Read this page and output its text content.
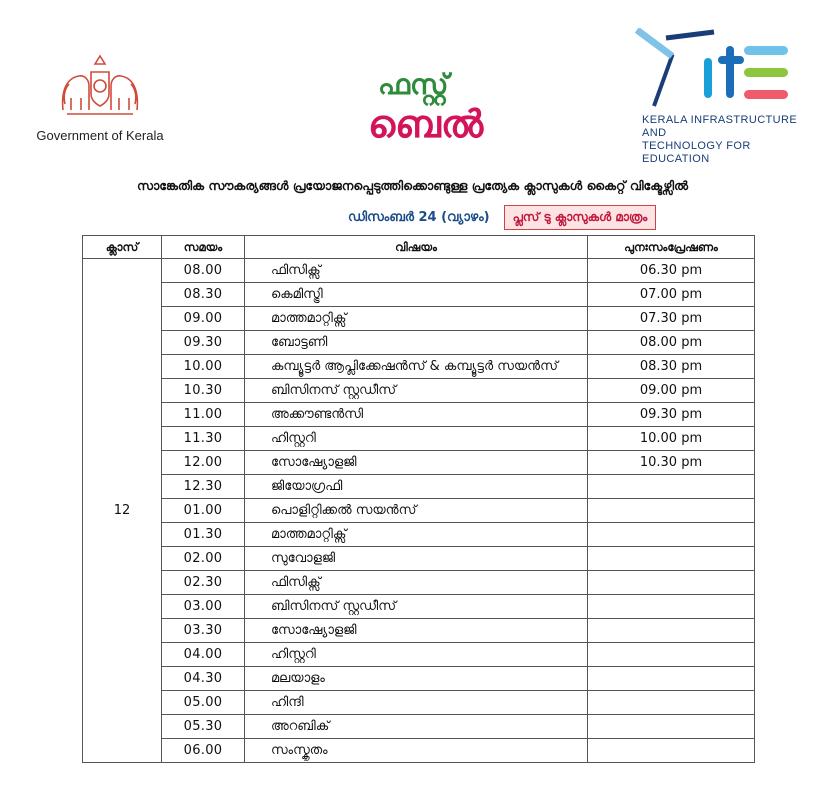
Government of Kerala
ഫസ്റ്റ്
ബെൽ	KERALA INFRASTRUCTURE AND
TECHNOLOGY FOR EDUCATION
സാങ്കേതിക സൗകര്യങ്ങൾ പ്രയോജനപ്പെടുത്തിക്കൊണ്ടുള്ള പ്രത്യേക ക്ലാസുകൾ കൈറ്റ് വിക്ടേഴ്സിൽ
ഡിസംബർ 24 (വ്യാഴം)	പ്ലസ് ടു ക്ലാസുകൾ മാത്രം
ക്ലാസ്	സമയം	വിഷയം	പുനഃസംപ്രേഷണം
12	08.00	ഫിസിക്സ്	06.30 pm
	08.30	കെമിസ്ട്രി	07.00 pm
	09.00	മാത്തമാറ്റിക്സ്	07.30 pm
	09.30	ബോട്ടണി	08.00 pm
	10.00	കമ്പ്യൂട്ടർ ആപ്ലിക്കേഷൻസ് & കമ്പ്യൂട്ടർ സയൻസ്	08.30 pm
	10.30	ബിസിനസ് സ്റ്റഡീസ്	09.00 pm
	11.00	അക്കൗണ്ടൻസി	09.30 pm
	11.30	ഹിസ്റ്ററി	10.00 pm
	12.00	സോഷ്യോളജി	10.30 pm
	12.30	ജിയോഗ്രഫി	
	01.00	പൊളിറ്റിക്കൽ സയൻസ്	
	01.30	മാത്തമാറ്റിക്സ്	
	02.00	സുവോളജി	
	02.30	ഫിസിക്സ്	
	03.00	ബിസിനസ് സ്റ്റഡീസ്	
	03.30	സോഷ്യോളജി	
	04.00	ഹിസ്റ്ററി	
	04.30	മലയാളം	
	05.00	ഹിന്ദി	
	05.30	അറബിക്	
	06.00	സംസ്കൃതം	
